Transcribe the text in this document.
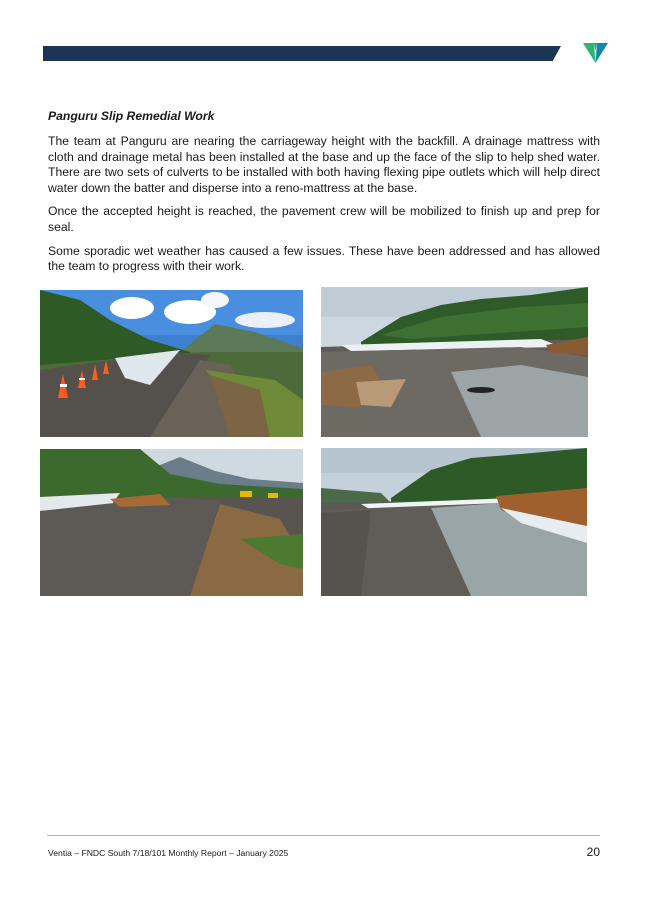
Panguru Slip Remedial Work

The team at Panguru are nearing the carriageway height with the backfill. A drainage mattress with cloth and drainage metal has been installed at the base and up the face of the slip to help shed water. There are two sets of culverts to be installed with both having flexing pipe outlets which will help direct water down the batter and disperse into a reno-mattress at the base.

Once the accepted height is reached, the pavement crew will be mobilized to finish up and prep for seal.

Some sporadic wet weather has caused a few issues. These have been addressed and has allowed the team to progress with their work.

Ventia – FNDC South 7/18/101 Monthly Report – January 2025	20
